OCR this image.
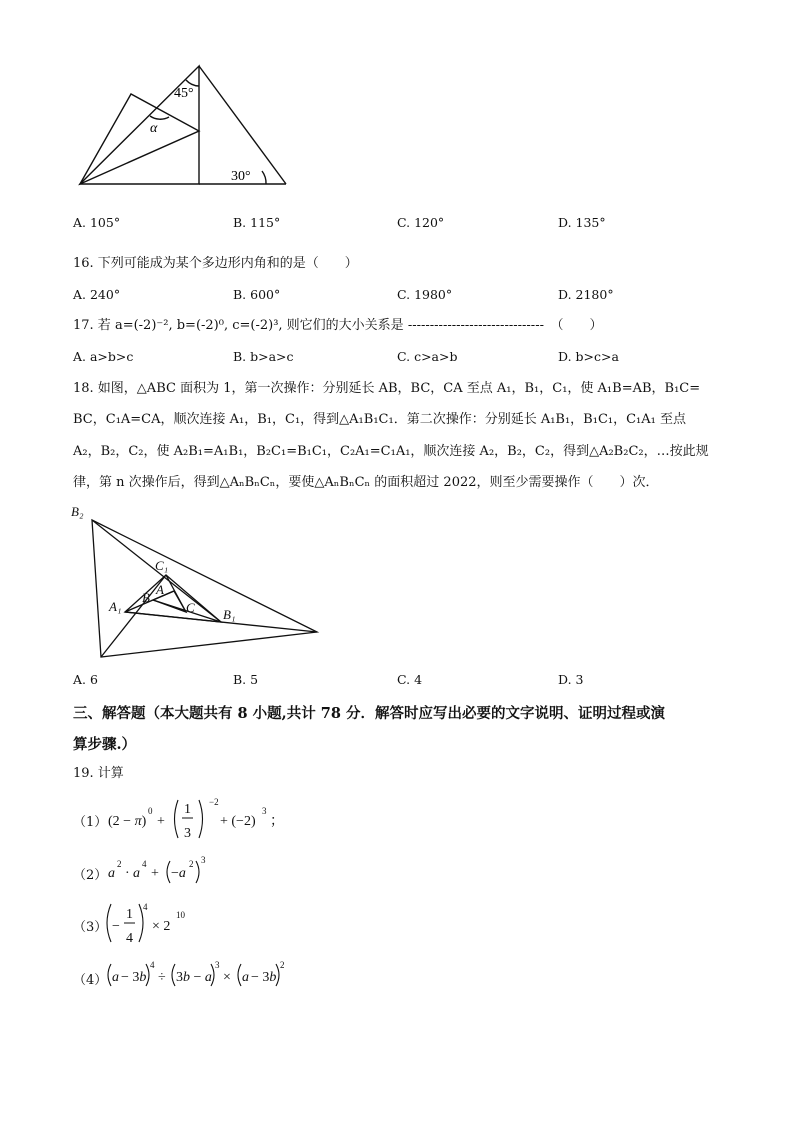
45°
α
30°
A. 105°	B. 115°	C. 120°	D. 135°
16. 下列可能成为某个多边形内角和的是（　　）
A. 240°	B. 600°	C. 1980°	D. 2180°
17. 若 a=(-2)⁻², b=(-2)⁰, c=(-2)³, 则它们的大小关系是 -------------------------------　（　　）
A. a>b>c	B. b>a>c	C. c>a>b	D. b>c>a
18. 如图，△ABC 面积为 1，第一次操作：分别延长 AB，BC，CA 至点 A₁，B₁，C₁，使 A₁B=AB，B₁C=
BC，C₁A=CA，顺次连接 A₁，B₁，C₁，得到△A₁B₁C₁．第二次操作：分别延长 A₁B₁，B₁C₁，C₁A₁ 至点
A₂，B₂，C₂，使 A₂B₁=A₁B₁，B₂C₁=B₁C₁，C₂A₁=C₁A₁，顺次连接 A₂，B₂，C₂，得到△A₂B₂C₂，…按此规
律，第 n 次操作后，得到△AₙBₙCₙ，要使△AₙBₙCₙ 的面积超过 2022，则至少需要操作（　　）次．
B₂
C₁
A₁
B
A
C B₁
A. 6	B. 5	C. 4	D. 3
三、解答题（本大题共有 8 小题,共计 78 分．解答时应写出必要的文字说明、证明过程或演
算步骤.）
19. 计算
（1） (2 − π)
0
+
1
3
−2
+ (−2)
3
；
（2） a
2
· a
4
+ −a
2 3
（3） −
1
4
4
× 2
10
（4） a − 3b
4
÷ 3b − a
3
× a − 3b
2
